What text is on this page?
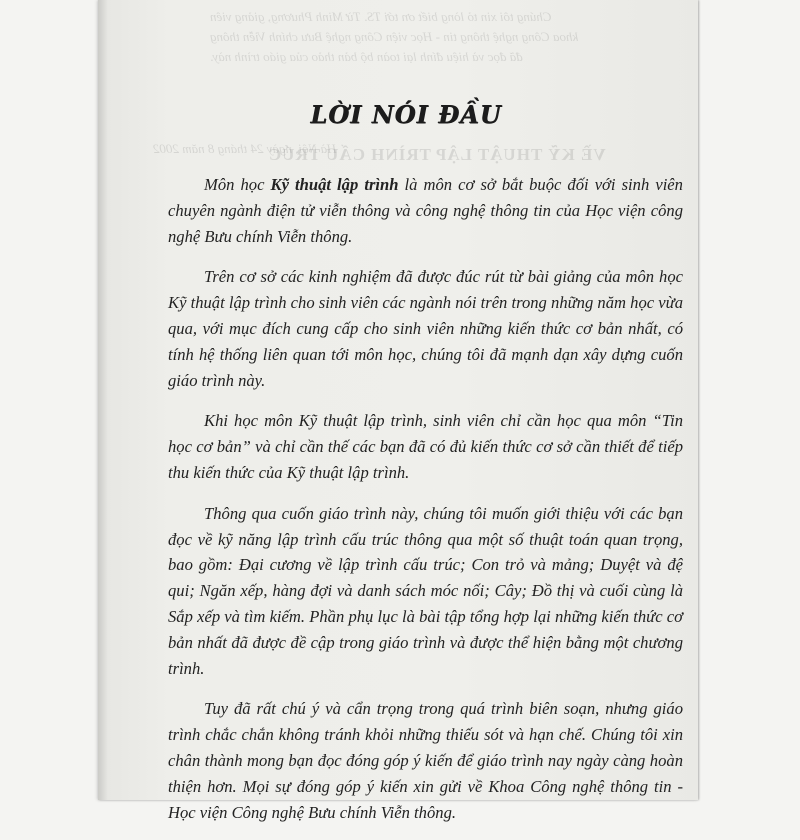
Chúng tôi xin tỏ lòng biết ơn tới TS. Từ Minh Phương, giảng viên
khoa Công nghệ thông tin - Học viện Công nghệ Bưu chính Viễn thông
đã đọc và hiệu đính lại toàn bộ bản thảo của giáo trình này.
Hà Nội, ngày 24 tháng 8 năm 2002
VỀ KỸ THUẬT LẬP TRÌNH CẤU TRÚC
LỜI NÓI ĐẦU

Môn học Kỹ thuật lập trình là môn cơ sở bắt buộc đối với sinh viên chuyên ngành điện tử viễn thông và công nghệ thông tin của Học viện công nghệ Bưu chính Viễn thông.

Trên cơ sở các kinh nghiệm đã được đúc rút từ bài giảng của môn học Kỹ thuật lập trình cho sinh viên các ngành nói trên trong những năm học vừa qua, với mục đích cung cấp cho sinh viên những kiến thức cơ bản nhất, có tính hệ thống liên quan tới môn học, chúng tôi đã mạnh dạn xây dựng cuốn giáo trình này.

Khi học môn Kỹ thuật lập trình, sinh viên chỉ cần học qua môn “Tin học cơ bản” và chỉ cần thế các bạn đã có đủ kiến thức cơ sở cần thiết để tiếp thu kiến thức của Kỹ thuật lập trình.

Thông qua cuốn giáo trình này, chúng tôi muốn giới thiệu với các bạn đọc về kỹ năng lập trình cấu trúc thông qua một số thuật toán quan trọng, bao gồm: Đại cương về lập trình cấu trúc; Con trỏ và mảng; Duyệt và đệ qui; Ngăn xếp, hàng đợi và danh sách móc nối; Cây; Đồ thị và cuối cùng là Sắp xếp và tìm kiếm. Phần phụ lục là bài tập tổng hợp lại những kiến thức cơ bản nhất đã được đề cập trong giáo trình và được thể hiện bằng một chương trình.

Tuy đã rất chú ý và cẩn trọng trong quá trình biên soạn, nhưng giáo trình chắc chắn không tránh khỏi những thiếu sót và hạn chế. Chúng tôi xin chân thành mong bạn đọc đóng góp ý kiến để giáo trình nay ngày càng hoàn thiện hơn. Mọi sự đóng góp ý kiến xin gửi về Khoa Công nghệ thông tin - Học viện Công nghệ Bưu chính Viễn thông.
